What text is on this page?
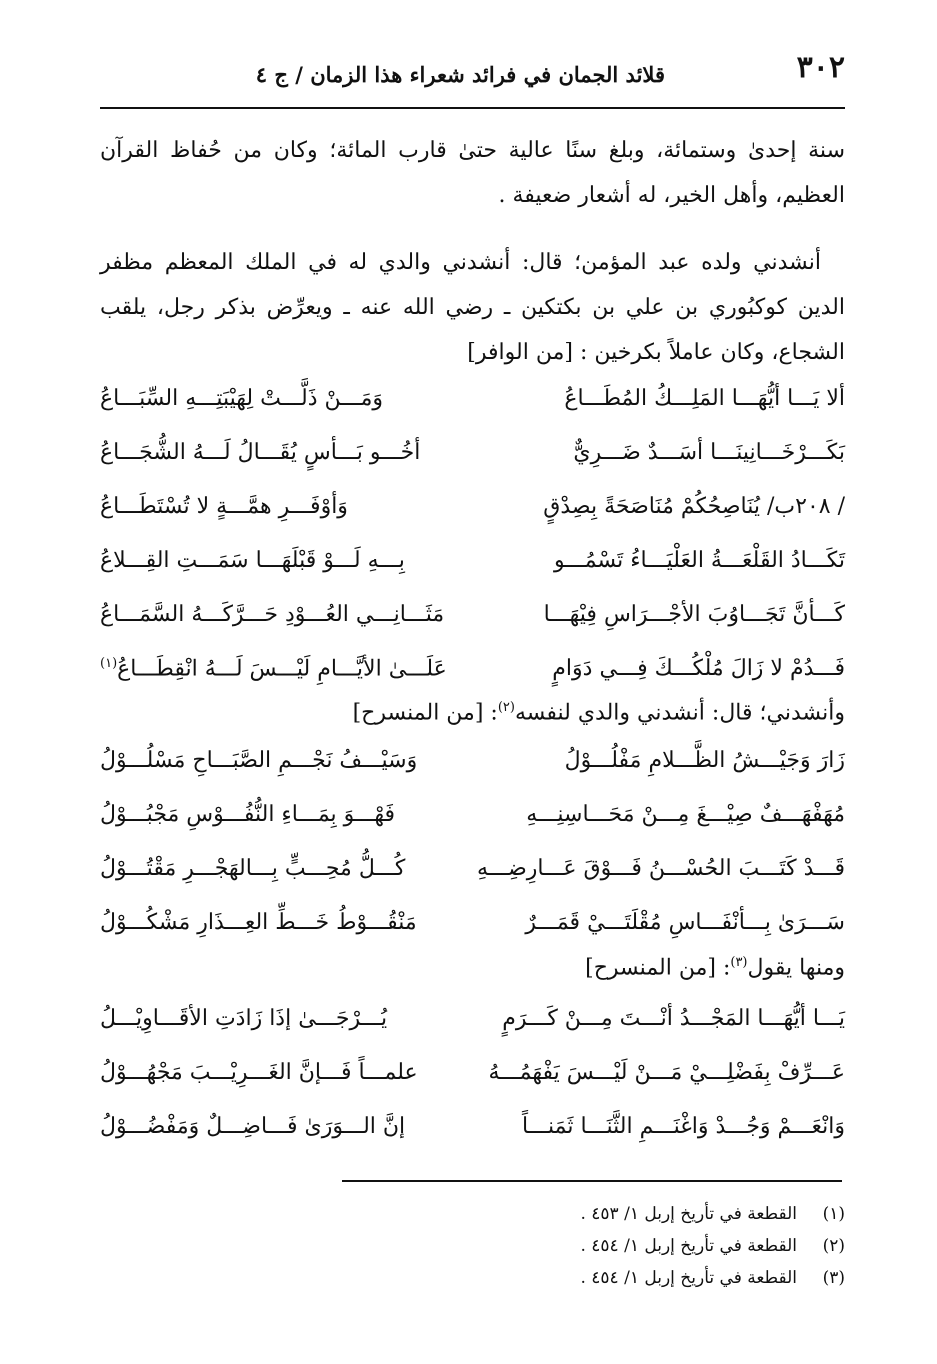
٣٠٢
قلائد الجمان في فرائد شعراء هذا الزمان / ج ٤

سنة إحدىٰ وستمائة، وبلغ سنًا عالية حتىٰ قارب المائة؛ وكان من حُفاظ القرآن العظيم، وأهل الخير، له أشعار ضعيفة .

أنشدني ولده عبد المؤمن؛ قال: أنشدني والدي له في الملك المعظم مظفر الدين كوكبُوري بن علي بن بكتكين ـ رضي الله عنه ـ ويعرِّض بذكر رجل، يلقب الشجاع، وكان عاملاً بكرخين : [من الوافر]

ألا يَـــا أيُّهَـــا المَلِـــكُ المُطَـــاعُ
وَمَـــنْ ذَلَّـــتْ لِهَيْبَتِـــهِ السِّبَـــاعُ
بَكَـــرْخَـــانِينَـــا أسَـــدٌ ضَـــرِيٌّ
أخُـــو بَـــأسٍ يُقَـــالُ لَـــهُ الشُّجَـــاعُ
/ ٢٠٨ب/ يُنَاصِحُكُمْ مُنَاصَحَةً بِصِدْقٍ
وَأوْفَـــرِ همَّـــةٍ لا تُسْتَطَـــاعُ
تَكَـــادُ القَلْعَـــةُ العَلْيَـــاءُ تَسْمُـــو
بِـــهِ لَـــوْ قَبْلَهَـــا سَمَـــتِ القِـــلاعُ
كَـــأنَّ تَجَـــاوُبَ الأجْـــرَاسِ فِيْهَـــا
مَثَـــانِـــي العُـــوْدِ حَـــرَّكَـــهُ السَّمَـــاعُ
فَـــدُمْ لا زَالَ مُلْكُـــكَ فِـــي دَوَامٍ
عَلَـــىٰ الأيَّـــامِ لَيْـــسَ لَـــهُ انْقِطَـــاعُ$^{(١)}$
وأنشدني؛ قال: أنشدني والدي لنفسه$^{(٢)}$: [من المنسرح]
زَارَ وَجَيْـــشُ الظَّـــلامِ مَفْلُـــوْلُ
وَسَيْـــفُ نَجْـــمِ الصَّبَـــاحِ مَسْلُـــوْلُ
مُهَفْهَـــفٌ صِيْـــغَ مِـــنْ مَحَـــاسِنِـــهِ
فَهْـــوَ بِمَـــاءِ النُّفُـــوْسِ مَجْبُـــوْلُ
قَـــدْ كَتَـــبَ الحُسْـــنُ فَـــوْقَ عَـــارِضِـــهِ
كُـــلُّ مُحِـــبٍّ بِـــالهَجْـــرِ مَقْتُـــوْلُ
سَـــرَىٰ بِـــأنْفَـــاسِ مُقْلَتَـــيْ قَمَـــرٌ
مَنْقُـــوْطُ خَـــطِّ العِـــذَارِ مَشْكُـــوْلُ
ومنها يقول$^{(٣)}$: [من المنسرح]
يَـــا أيُّهَـــا المَجْـــدُ أنْـــتَ مِـــنْ كَـــرَمٍ
يُـــرْجَـــىٰ إذَا زَادَتِ الأقَـــاوِيْـــلُ
عَـــرِّفْ بِفَضْلِـــيْ مَـــنْ لَيْـــسَ يَفْهَمُـــهُ
علمـــاً فَـــإنَّ الغَـــرِيْـــبَ مَجْهُـــوْلُ
وَانْعَـــمْ وَجُـــدْ وَاغْنَـــمِ الثَّنَـــا ثَمَنـــاً
إنَّ الـــوَرَىٰ فَـــاضِـــلٌ وَمَفْضُـــوْلُ
(١)القطعة في تأريخ إربل ١/ ٤٥٣ .
(٢)القطعة في تأريخ إربل ١/ ٤٥٤ .
(٣)القطعة في تأريخ إربل ١/ ٤٥٤ .
